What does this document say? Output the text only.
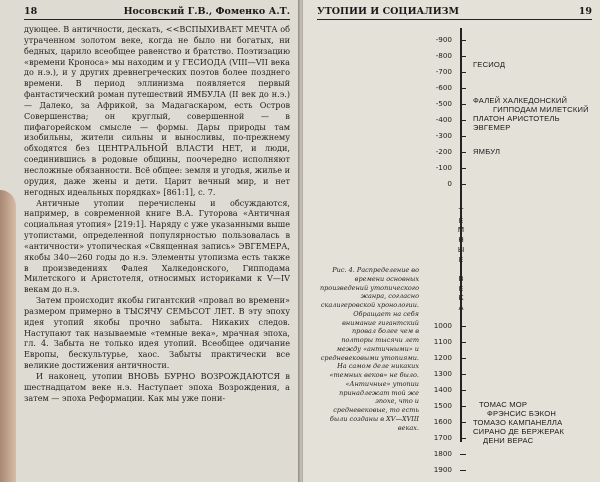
18	Носовский Г.В., Фоменко А.Т.

дующее. В античности, дескать, <<ВСПЫХИВАЕТ МЕЧТА об утраченном золотом веке, когда не было ни богатых, ни бедных, царило всеобщее равенство и братство. Поэтизацию «времени Кроноса» мы находим и у ГЕСИОДА (VIII—VII века до н.э.), и у других древнегреческих поэтов более позднего времени. В период эллинизма появляется первый фантастический роман путешествий ЯМБУЛА (II век до н.э.) — Далеко, за Африкой, за Мадагаскаром, есть Остров Совершенства; он круглый, совершенной — в пифагорейском смысле — формы. Дары природы там изобильны, жители сильны и выносливы, по-прежнему обходятся без ЦЕНТРАЛЬНОЙ ВЛАСТИ НЕТ, и люди, соединившись в родовые общины, поочередно исполняют несложные обязанности. Всё общее: земля и угодья, жилье и орудия, даже жены и дети. Царит вечный мир, и нет негодных идеальных порядках» [861:1], с. 7.

Античные утопии перечислены и обсуждаются, например, в современной книге В.А. Гуторова «Античная социальная утопия» [219:1]. Наряду с уже указанными выше утопистами, определенной популярностью пользовалась в «античности» утопическая «Священная запись» ЭВГЕМЕРА, якобы 340—260 годы до н.э. Элементы утопизма есть также в произведениях Фалея Халкедонского, Гипподама Милетского и Аристотеля, относимых историками к V—IV векам до н.э.

Затем происходит якобы гигантский «провал во времени» размером примерно в ТЫСЯЧУ СЕМЬСОТ ЛЕТ. В эту эпоху идея утопий якобы прочно забыта. Никаких следов. Наступают так называемые «темные века», мрачная эпоха, гл. 4. Забыта не только идея утопий. Всеобщее одичание Европы, бескультурье, хаос. Забыты практически все великие достижения античности.

И наконец, утопии ВНОВЬ БУРНО ВОЗРОЖДАЮТСЯ в шестнадцатом веке н.э. Наступает эпоха Возрождения, а затем — эпоха Реформации. Как мы уже пони-

УТОПИИ И СОЦИАЛИЗМ	19
-900
-800
-700
-600
-500
-400
-300
-200
-100
0
1000
1100
1200
1300
1400
1500
1600
1700
1800
1900
Т
Ё
М
Н
Ы
Е

В
Е
К
А
ГЕСИОД
ФАЛЕЙ ХАЛКЕДОНСКИЙ
ГИППОДАМ МИЛЕТСКИЙ
ПЛАТОН АРИСТОТЕЛЬ
ЭВГЕМЕР
ЯМБУЛ
ТОМАС МОР
ФРЭНСИС БЭКОН
ТОМАЗО КАМПАНЕЛЛА
СИРАНО ДЕ БЕРЖЕРАК
ДЕНИ ВЕРАС
Рис. 4. Распределение во времени основных произведений утопического жанра, согласно скалигеровской хронологии. Обращает на себя внимание гигантский провал более чем в полторы тысячи лет между «античными» и средневековыми утопиями. На самом деле никаких «темных веков» не было. «Античные» утопии принадлежат той же эпохе, что и средневековые, то есть были созданы в XV—XVIII веках.
